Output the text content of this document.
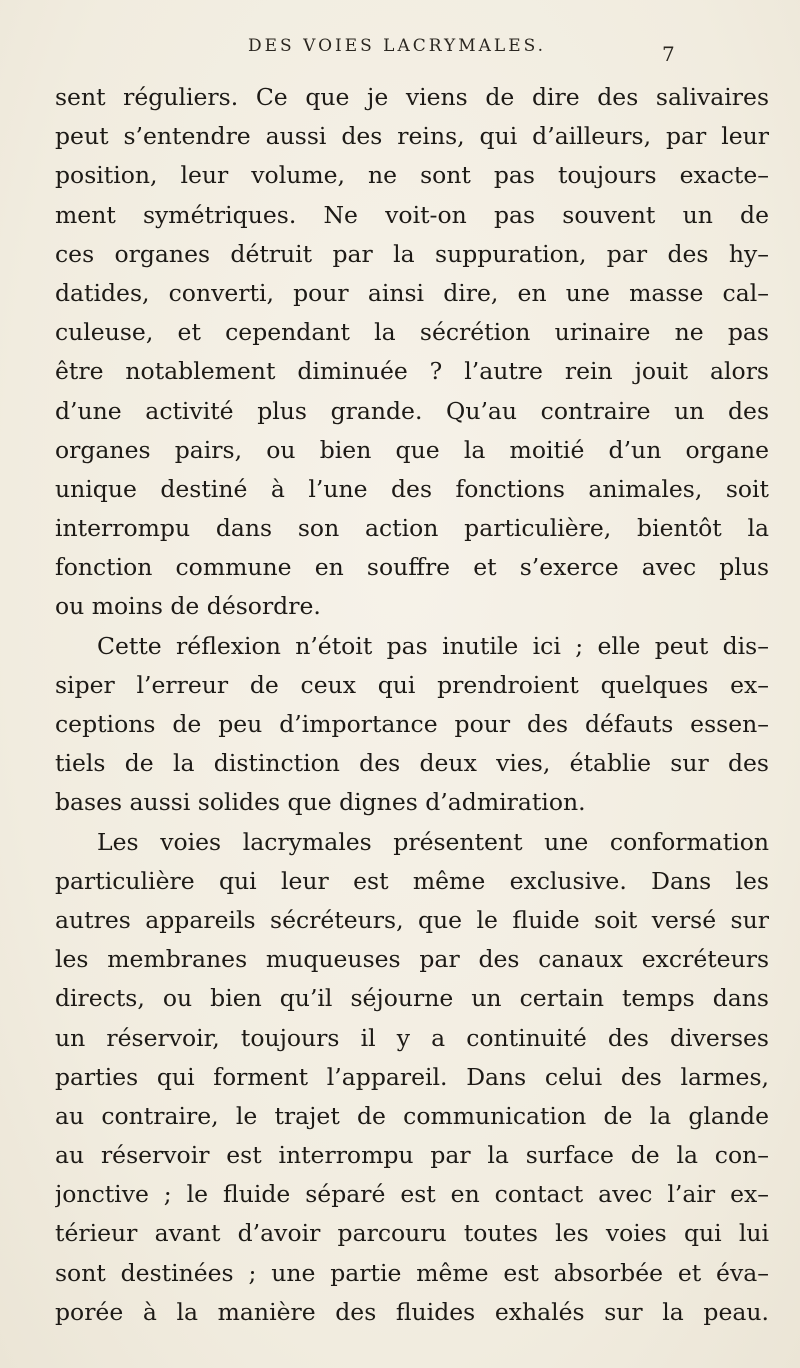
DES VOIES LACRYMALES.	7
sent réguliers. Ce que je viens de dire des salivaires
peut s’entendre aussi des reins, qui d’ailleurs, par leur
position, leur volume, ne sont pas toujours exacte–
ment symétriques. Ne voit-on pas souvent un de
ces organes détruit par la suppuration, par des hy–
datides, converti, pour ainsi dire, en une masse cal–
culeuse, et cependant la sécrétion urinaire ne pas
être notablement diminuée ? l’autre rein jouit alors
d’une activité plus grande. Qu’au contraire un des
organes pairs, ou bien que la moitié d’un organe
unique destiné à l’une des fonctions animales, soit
interrompu dans son action particulière, bientôt la
fonction commune en souffre et s’exerce avec plus
ou moins de désordre.
Cette réflexion n’étoit pas inutile ici ; elle peut dis–
siper l’erreur de ceux qui prendroient quelques ex–
ceptions de peu d’importance pour des défauts essen–
tiels de la distinction des deux vies, établie sur des
bases aussi solides que dignes d’admiration.
Les voies lacrymales présentent une conformation
particulière qui leur est même exclusive. Dans les
autres appareils sécréteurs, que le fluide soit versé sur
les membranes muqueuses par des canaux excréteurs
directs, ou bien qu’il séjourne un certain temps dans
un réservoir, toujours il y a continuité des diverses
parties qui forment l’appareil. Dans celui des larmes,
au contraire, le trajet de communication de la glande
au réservoir est interrompu par la surface de la con–
jonctive ; le fluide séparé est en contact avec l’air ex–
térieur avant d’avoir parcouru toutes les voies qui lui
sont destinées ; une partie même est absorbée et éva–
porée à la manière des fluides exhalés sur la peau.
